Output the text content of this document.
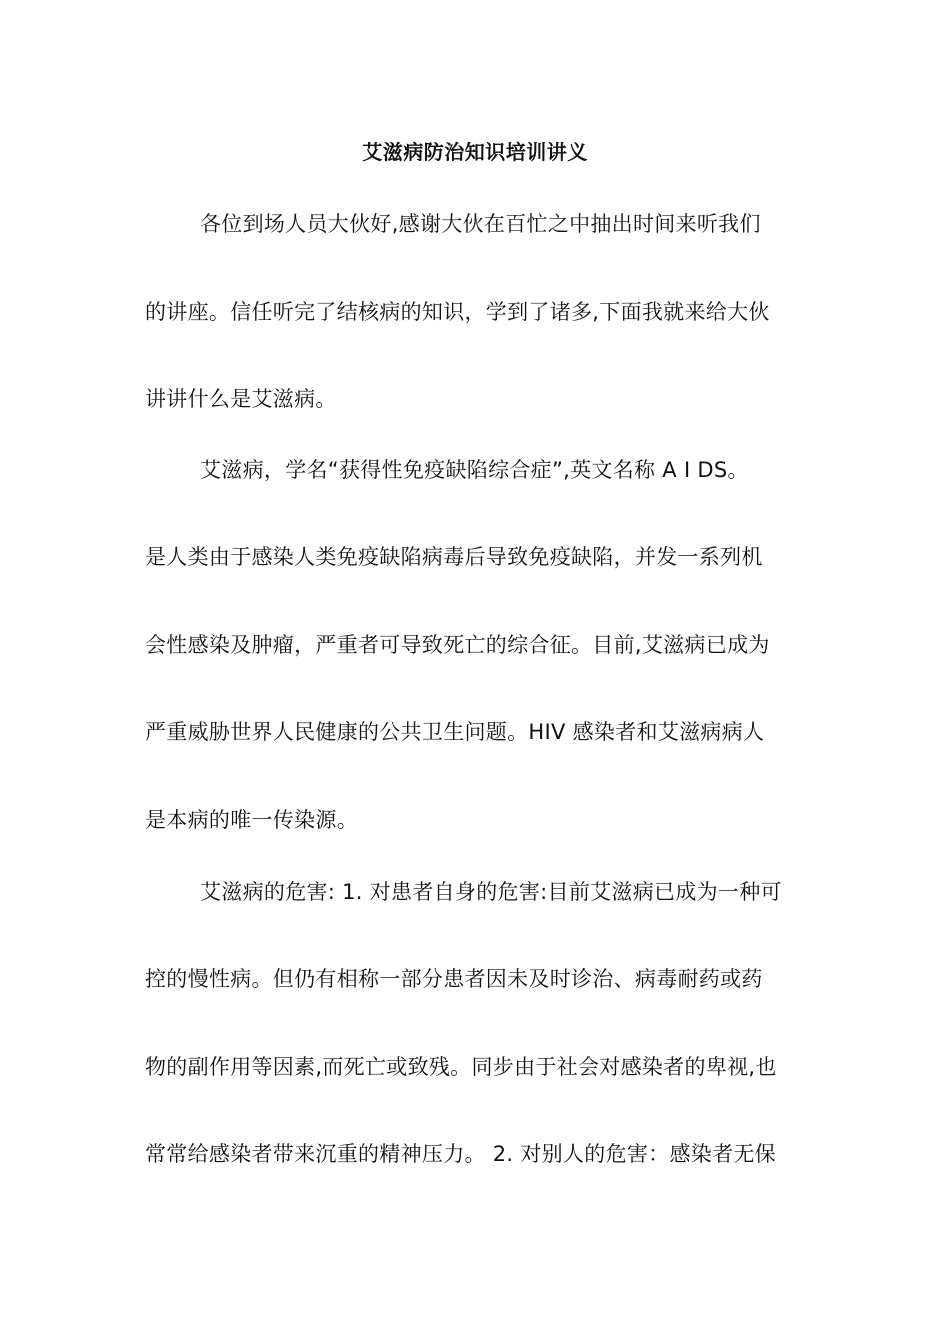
艾滋病防治知识培训讲义
各位到场人员大伙好,感谢大伙在百忙之中抽出时间来听我们
的讲座。信任听完了结核病的知识，学到了诸多,下面我就来给大伙
讲讲什么是艾滋病。
艾滋病，学名“获得性免疫缺陷综合症”,英文名称 A I DS。
是人类由于感染人类免疫缺陷病毒后导致免疫缺陷，并发一系列机
会性感染及肿瘤，严重者可导致死亡的综合征。目前,艾滋病已成为
严重威胁世界人民健康的公共卫生问题。HIV 感染者和艾滋病病人
是本病的唯一传染源。
艾滋病的危害: 1. 对患者自身的危害:目前艾滋病已成为一种可
控的慢性病。但仍有相称一部分患者因未及时诊治、病毒耐药或药
物的副作用等因素,而死亡或致残。同步由于社会对感染者的卑视,也
常常给感染者带来沉重的精神压力。 2. 对别人的危害：感染者无保
